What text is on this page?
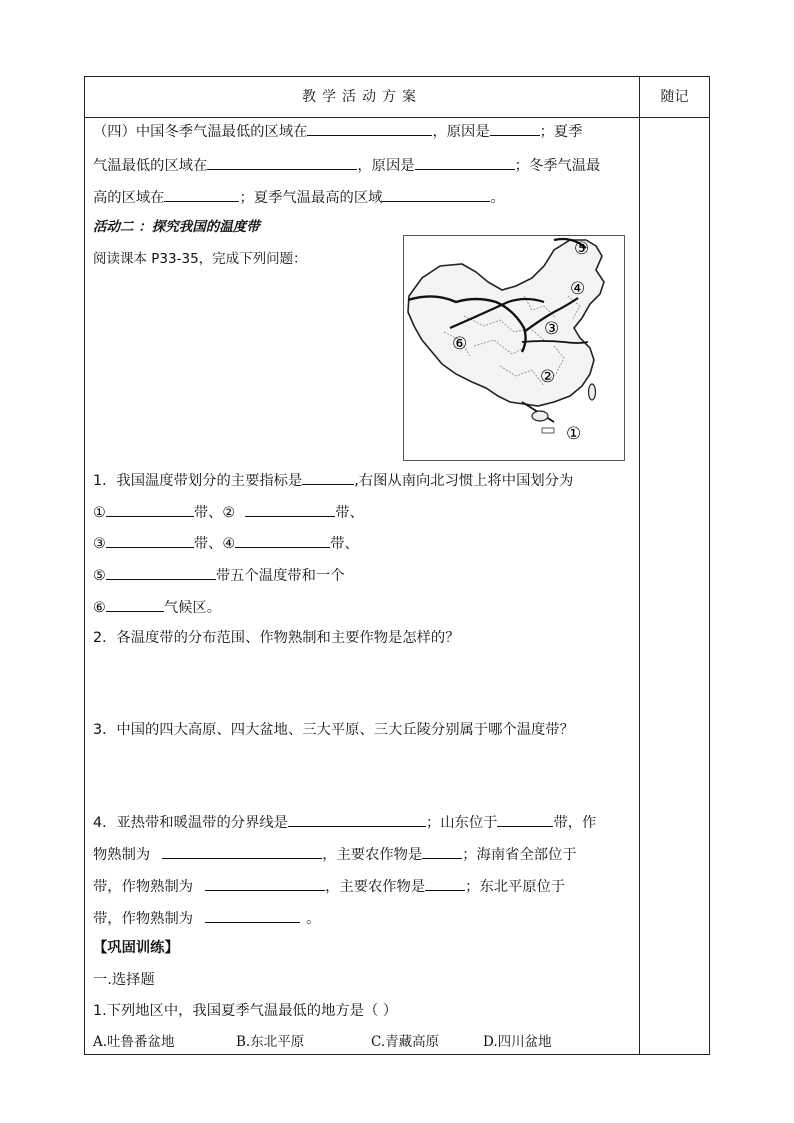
教学活动方案	随记
（四）中国冬季气温最低的区域在	，原因是	；夏季
气温最低的区域在	，原因是	；冬季气温最
高的区域在	；夏季气温最高的区域	。
活动二 ：探究我国的温度带
阅读课本 P33-35，完成下列问题：
①
②
③
④
⑤
⑥
1．我国温度带划分的主要指标是	,右图从南向北习惯上将中国划分为
①	带、②	带、
③	带、④	带、
⑤	带五个温度带和一个
⑥	气候区。
2．各温度带的分布范围、作物熟制和主要作物是怎样的？
3．中国的四大高原、四大盆地、三大平原、三大丘陵分别属于哪个温度带？
4．亚热带和暖温带的分界线是	；山东位于	带，作
物熟制为	，主要农作物是	；海南省全部位于
带，作物熟制为	，主要农作物是	；东北平原位于
带，作物熟制为	。
【巩固训练】
一.选择题
1.下列地区中，我国夏季气温最低的地方是（ ）
A.吐鲁番盆地	B.东北平原	C.青藏高原	D.四川盆地
